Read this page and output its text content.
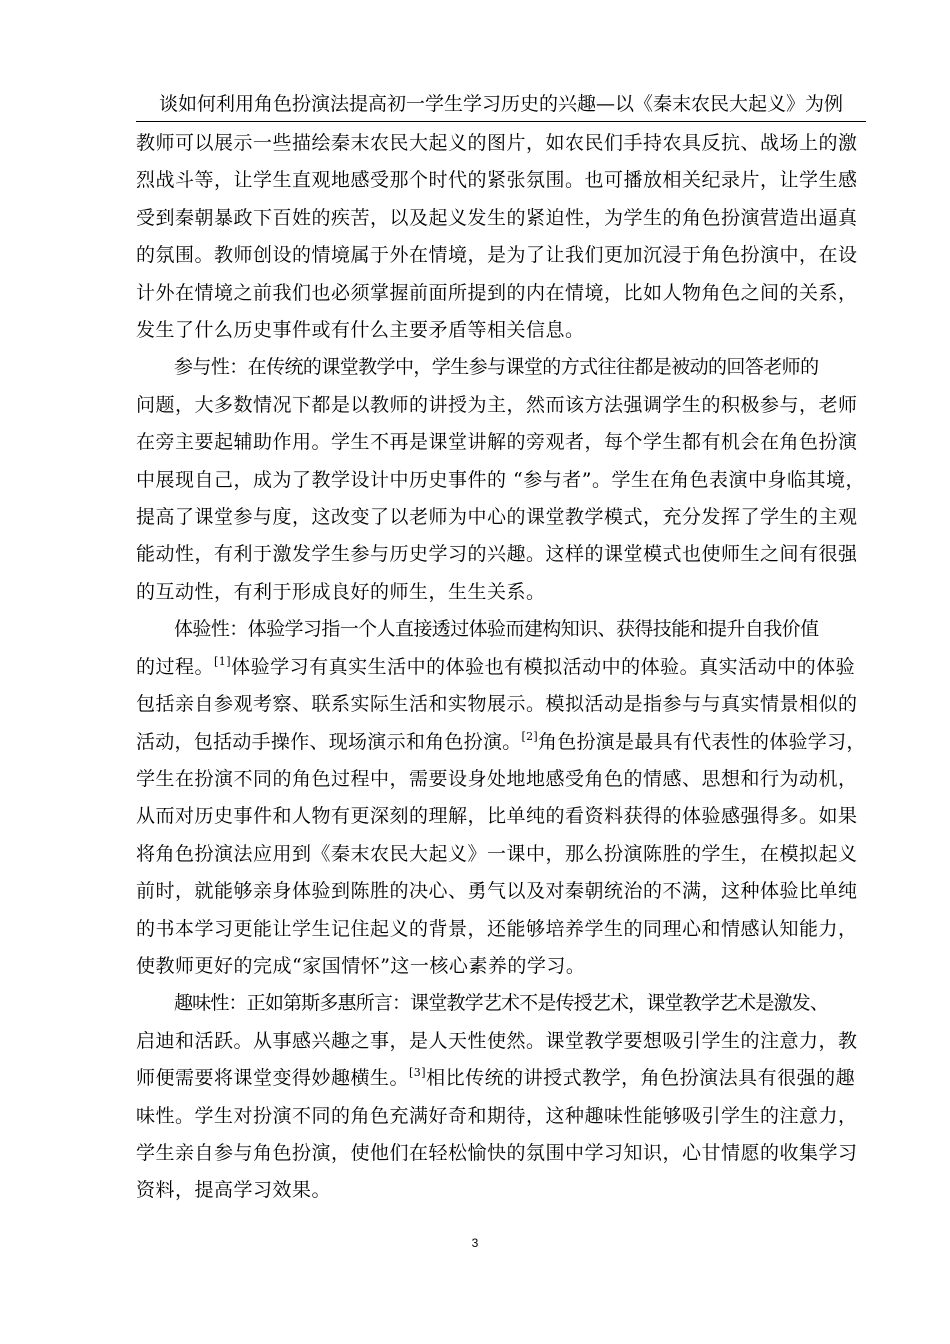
谈如何利用角色扮演法提高初一学生学习历史的兴趣—以《秦末农民大起义》为例

教师可以展示一些描绘秦末农民大起义的图片，如农民们手持农具反抗、战场上的激
烈战斗等，让学生直观地感受那个时代的紧张氛围。也可播放相关纪录片，让学生感
受到秦朝暴政下百姓的疾苦，以及起义发生的紧迫性，为学生的角色扮演营造出逼真
的氛围。教师创设的情境属于外在情境，是为了让我们更加沉浸于角色扮演中，在设
计外在情境之前我们也必须掌握前面所提到的内在情境，比如人物角色之间的关系，
发生了什么历史事件或有什么主要矛盾等相关信息。

参与性：在传统的课堂教学中，学生参与课堂的方式往往都是被动的回答老师的
问题，大多数情况下都是以教师的讲授为主，然而该方法强调学生的积极参与，老师
在旁主要起辅助作用。学生不再是课堂讲解的旁观者，每个学生都有机会在角色扮演
中展现自己，成为了教学设计中历史事件的 “参与者”。学生在角色表演中身临其境，
提高了课堂参与度，这改变了以老师为中心的课堂教学模式，充分发挥了学生的主观
能动性，有利于激发学生参与历史学习的兴趣。这样的课堂模式也使师生之间有很强
的互动性，有利于形成良好的师生，生生关系。

体验性：体验学习指一个人直接透过体验而建构知识、获得技能和提升自我价值
的过程。[1]体验学习有真实生活中的体验也有模拟活动中的体验。真实活动中的体验
包括亲自参观考察、联系实际生活和实物展示。模拟活动是指参与与真实情景相似的
活动，包括动手操作、现场演示和角色扮演。[2]角色扮演是最具有代表性的体验学习，
学生在扮演不同的角色过程中，需要设身处地地感受角色的情感、思想和行为动机，
从而对历史事件和人物有更深刻的理解，比单纯的看资料获得的体验感强得多。如果
将角色扮演法应用到《秦末农民大起义》一课中，那么扮演陈胜的学生，在模拟起义
前时，就能够亲身体验到陈胜的决心、勇气以及对秦朝统治的不满，这种体验比单纯
的书本学习更能让学生记住起义的背景，还能够培养学生的同理心和情感认知能力，
使教师更好的完成“家国情怀”这一核心素养的学习。

趣味性：正如第斯多惠所言：课堂教学艺术不是传授艺术，课堂教学艺术是激发、
启迪和活跃。从事感兴趣之事，是人天性使然。课堂教学要想吸引学生的注意力，教
师便需要将课堂变得妙趣横生。[3]相比传统的讲授式教学，角色扮演法具有很强的趣
味性。学生对扮演不同的角色充满好奇和期待，这种趣味性能够吸引学生的注意力，
学生亲自参与角色扮演，使他们在轻松愉快的氛围中学习知识，心甘情愿的收集学习
资料，提高学习效果。

3
